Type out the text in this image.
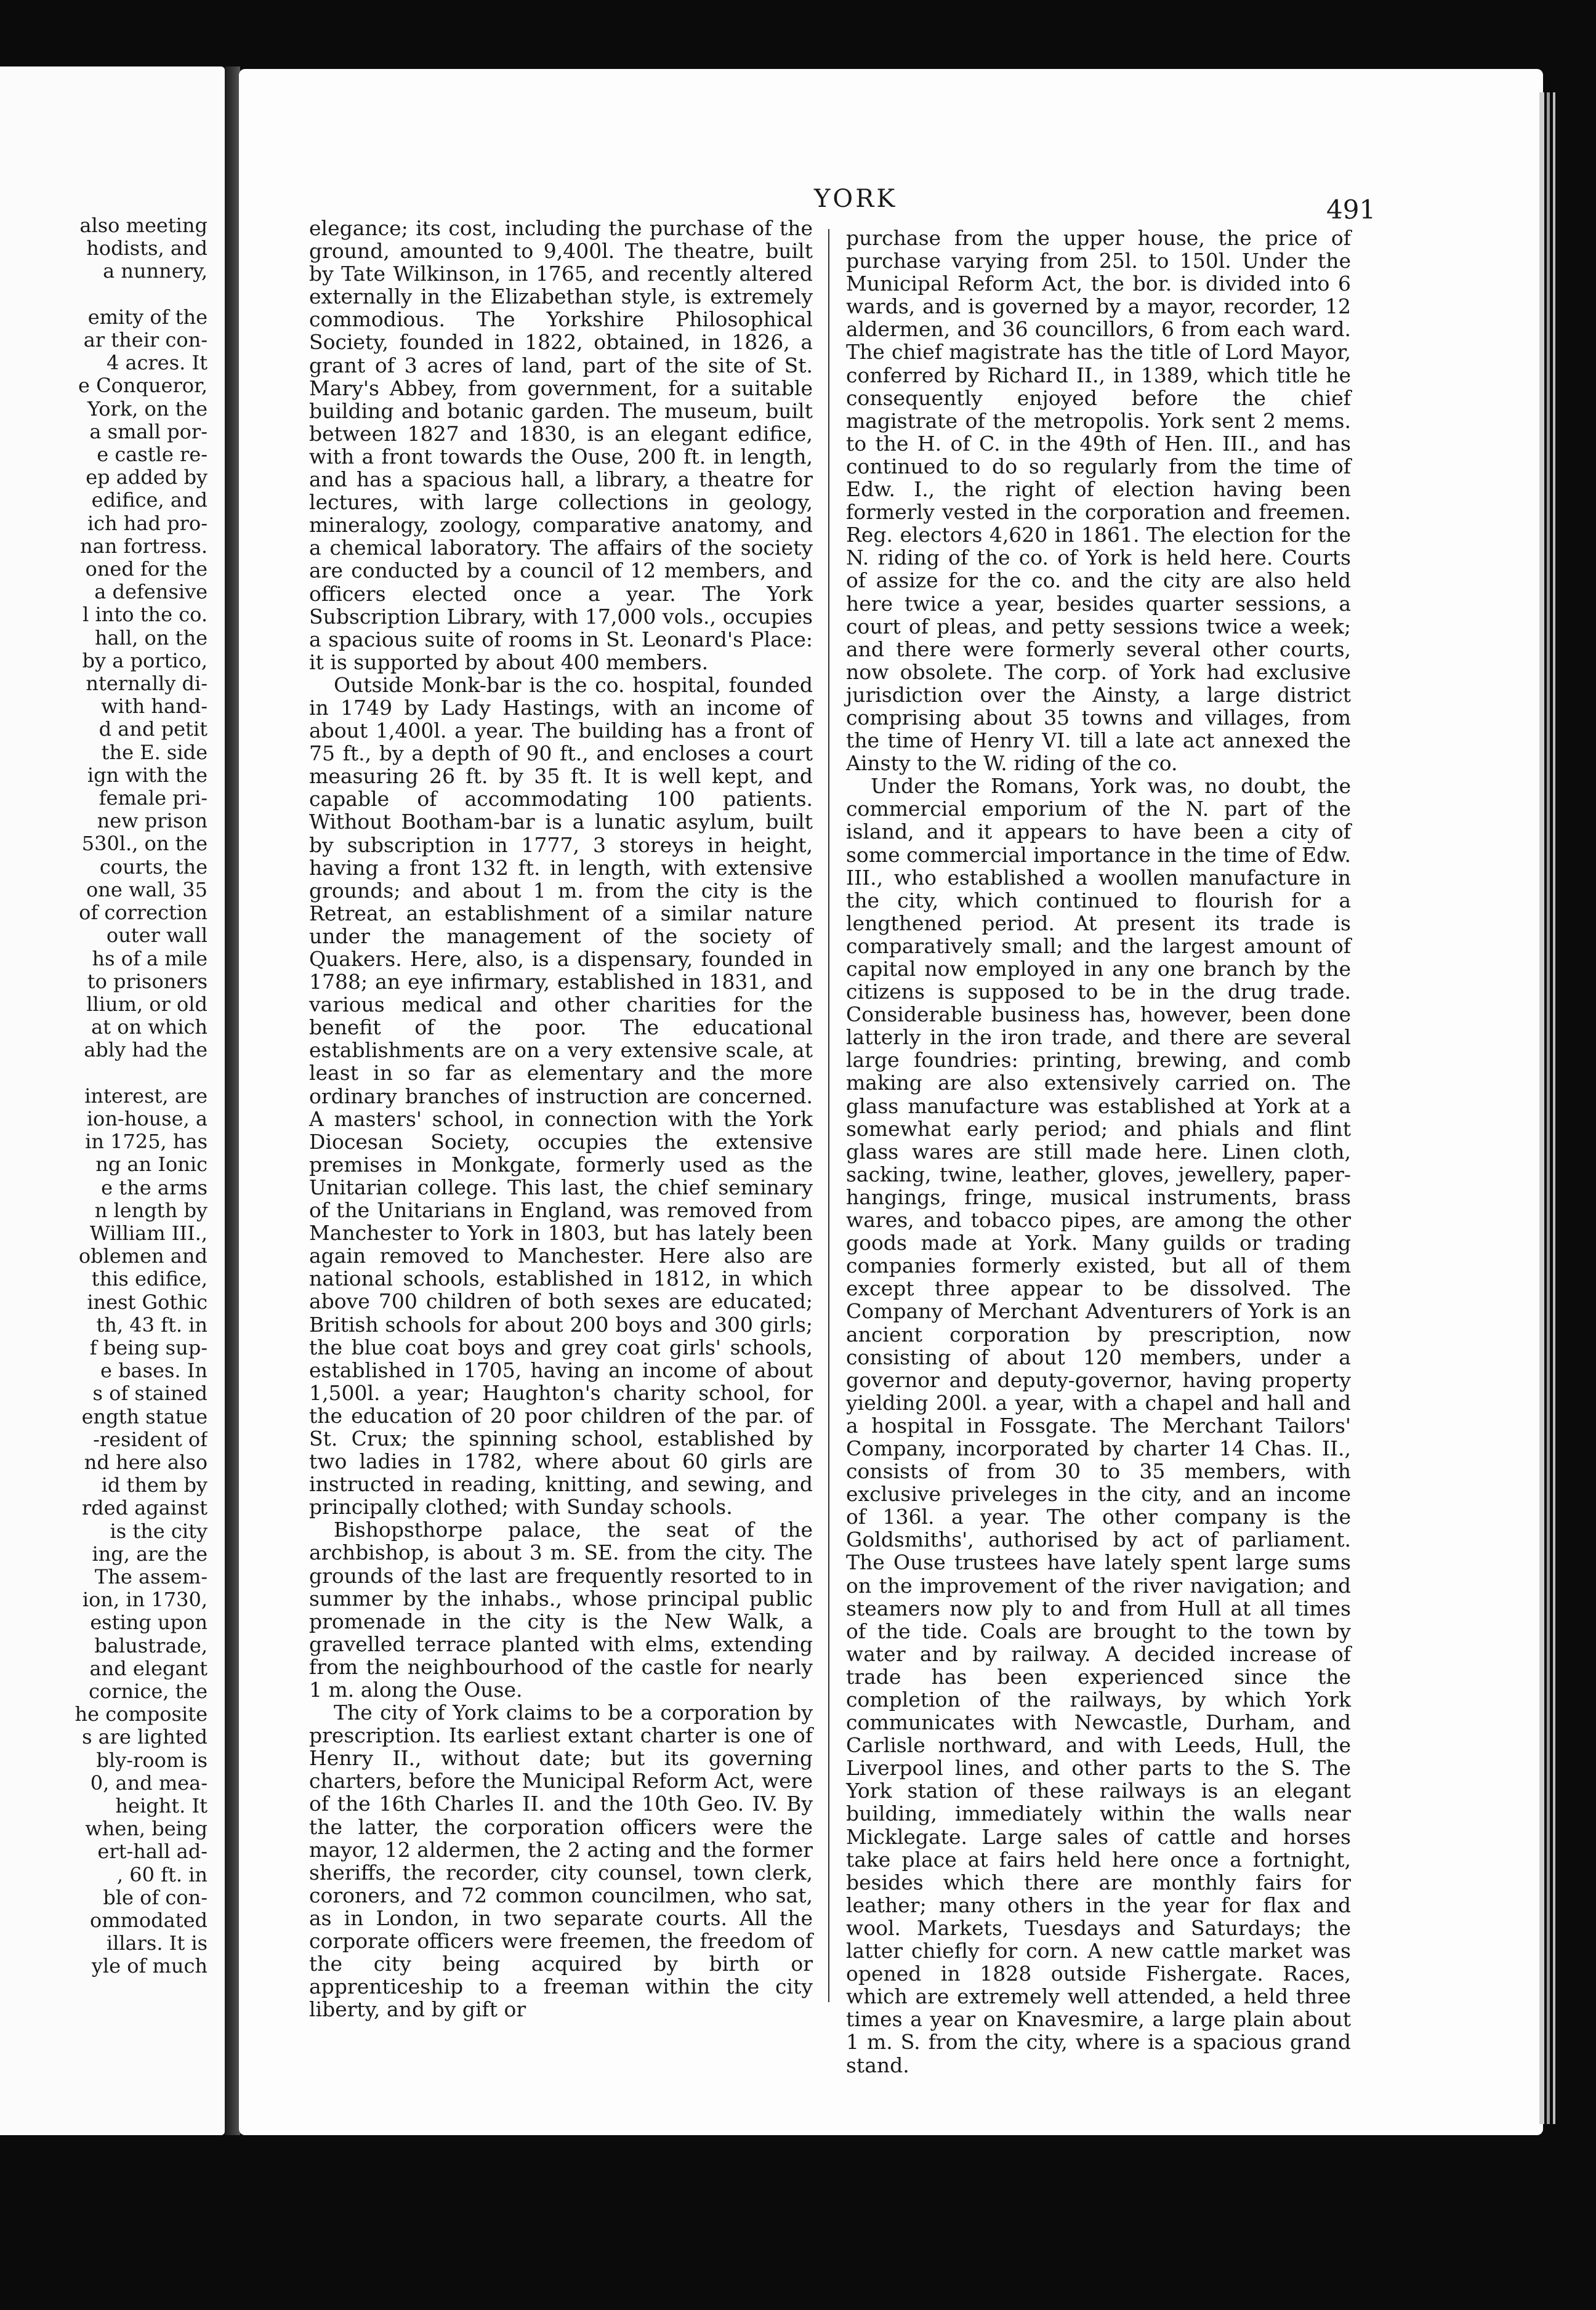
also meeting
hodists, and
a nunnery,

emity of the
ar their con-
4 acres. It
e Conqueror,
York, on the
a small por-
e castle re-
ep added by
edifice, and
ich had pro-
nan fortress.
oned for the
a defensive
l into the co.
hall, on the
by a portico,
nternally di-
with hand-
d and petit
the E. side
ign with the
female pri-
new prison
530l., on the
courts, the
one wall, 35
of correction
outer wall
hs of a mile
to prisoners
llium, or old
at on which
ably had the

interest, are
ion-house, a
in 1725, has
ng an Ionic
e the arms
n length by
William III.,
oblemen and
this edifice,
inest Gothic
th, 43 ft. in
f being sup-
e bases. In
s of stained
ength statue
-resident of
nd here also
id them by
rded against
is the city
ing, are the
The assem-
ion, in 1730,
esting upon
balustrade,
and elegant
cornice, the
he composite
s are lighted
bly-room is
0, and mea-
height. It
when, being
ert-hall ad-
, 60 ft. in
ble of con-
ommodated
illars. It is
yle of much
YORK	491

elegance; its cost, including the purchase of the ground, amounted to 9,400l. The theatre, built by Tate Wilkinson, in 1765, and recently altered externally in the Elizabethan style, is extremely commodious. The Yorkshire Philosophical Society, founded in 1822, obtained, in 1826, a grant of 3 acres of land, part of the site of St. Mary's Abbey, from government, for a suitable building and botanic garden. The museum, built between 1827 and 1830, is an elegant edifice, with a front towards the Ouse, 200 ft. in length, and has a spacious hall, a library, a theatre for lectures, with large collections in geology, mineralogy, zoology, comparative anatomy, and a chemical laboratory. The affairs of the society are conducted by a council of 12 members, and officers elected once a year. The York Subscription Library, with 17,000 vols., occupies a spacious suite of rooms in St. Leonard's Place: it is supported by about 400 members.

Outside Monk-bar is the co. hospital, founded in 1749 by Lady Hastings, with an income of about 1,400l. a year. The building has a front of 75 ft., by a depth of 90 ft., and encloses a court measuring 26 ft. by 35 ft. It is well kept, and capable of accommodating 100 patients. Without Bootham-bar is a lunatic asylum, built by subscription in 1777, 3 storeys in height, having a front 132 ft. in length, with extensive grounds; and about 1 m. from the city is the Retreat, an establishment of a similar nature under the management of the society of Quakers. Here, also, is a dispensary, founded in 1788; an eye infirmary, established in 1831, and various medical and other charities for the benefit of the poor. The educational establishments are on a very extensive scale, at least in so far as elementary and the more ordinary branches of instruction are concerned. A masters' school, in connection with the York Diocesan Society, occupies the extensive premises in Monkgate, formerly used as the Unitarian college. This last, the chief seminary of the Unitarians in England, was removed from Manchester to York in 1803, but has lately been again removed to Manchester. Here also are national schools, established in 1812, in which above 700 children of both sexes are educated; British schools for about 200 boys and 300 girls; the blue coat boys and grey coat girls' schools, established in 1705, having an income of about 1,500l. a year; Haughton's charity school, for the education of 20 poor children of the par. of St. Crux; the spinning school, established by two ladies in 1782, where about 60 girls are instructed in reading, knitting, and sewing, and principally clothed; with Sunday schools.

Bishopsthorpe palace, the seat of the archbishop, is about 3 m. SE. from the city. The grounds of the last are frequently resorted to in summer by the inhabs., whose principal public promenade in the city is the New Walk, a gravelled terrace planted with elms, extending from the neighbourhood of the castle for nearly 1 m. along the Ouse.

The city of York claims to be a corporation by prescription. Its earliest extant charter is one of Henry II., without date; but its governing charters, before the Municipal Reform Act, were of the 16th Charles II. and the 10th Geo. IV. By the latter, the corporation officers were the mayor, 12 aldermen, the 2 acting and the former sheriffs, the recorder, city counsel, town clerk, coroners, and 72 common councilmen, who sat, as in London, in two separate courts. All the corporate officers were freemen, the freedom of the city being acquired by birth or apprenticeship to a freeman within the city liberty, and by gift or

purchase from the upper house, the price of purchase varying from 25l. to 150l. Under the Municipal Reform Act, the bor. is divided into 6 wards, and is governed by a mayor, recorder, 12 aldermen, and 36 councillors, 6 from each ward. The chief magistrate has the title of Lord Mayor, conferred by Richard II., in 1389, which title he consequently enjoyed before the chief magistrate of the metropolis. York sent 2 mems. to the H. of C. in the 49th of Hen. III., and has continued to do so regularly from the time of Edw. I., the right of election having been formerly vested in the corporation and freemen. Reg. electors 4,620 in 1861. The election for the N. riding of the co. of York is held here. Courts of assize for the co. and the city are also held here twice a year, besides quarter sessions, a court of pleas, and petty sessions twice a week; and there were formerly several other courts, now obsolete. The corp. of York had exclusive jurisdiction over the Ainsty, a large district comprising about 35 towns and villages, from the time of Henry VI. till a late act annexed the Ainsty to the W. riding of the co.

Under the Romans, York was, no doubt, the commercial emporium of the N. part of the island, and it appears to have been a city of some commercial importance in the time of Edw. III., who established a woollen manufacture in the city, which continued to flourish for a lengthened period. At present its trade is comparatively small; and the largest amount of capital now employed in any one branch by the citizens is supposed to be in the drug trade. Considerable business has, however, been done latterly in the iron trade, and there are several large foundries: printing, brewing, and comb making are also extensively carried on. The glass manufacture was established at York at a somewhat early period; and phials and flint glass wares are still made here. Linen cloth, sacking, twine, leather, gloves, jewellery, paper-hangings, fringe, musical instruments, brass wares, and tobacco pipes, are among the other goods made at York. Many guilds or trading companies formerly existed, but all of them except three appear to be dissolved. The Company of Merchant Adventurers of York is an ancient corporation by prescription, now consisting of about 120 members, under a governor and deputy-governor, having property yielding 200l. a year, with a chapel and hall and a hospital in Fossgate. The Merchant Tailors' Company, incorporated by charter 14 Chas. II., consists of from 30 to 35 members, with exclusive priveleges in the city, and an income of 136l. a year. The other company is the Goldsmiths', authorised by act of parliament. The Ouse trustees have lately spent large sums on the improvement of the river navigation; and steamers now ply to and from Hull at all times of the tide. Coals are brought to the town by water and by railway. A decided increase of trade has been experienced since the completion of the railways, by which York communicates with Newcastle, Durham, and Carlisle northward, and with Leeds, Hull, the Liverpool lines, and other parts to the S. The York station of these railways is an elegant building, immediately within the walls near Micklegate. Large sales of cattle and horses take place at fairs held here once a fortnight, besides which there are monthly fairs for leather; many others in the year for flax and wool. Markets, Tuesdays and Saturdays; the latter chiefly for corn. A new cattle market was opened in 1828 outside Fishergate. Races, which are extremely well attended, a held three times a year on Knavesmire, a large plain about 1 m. S. from the city, where is a spacious grand stand.
